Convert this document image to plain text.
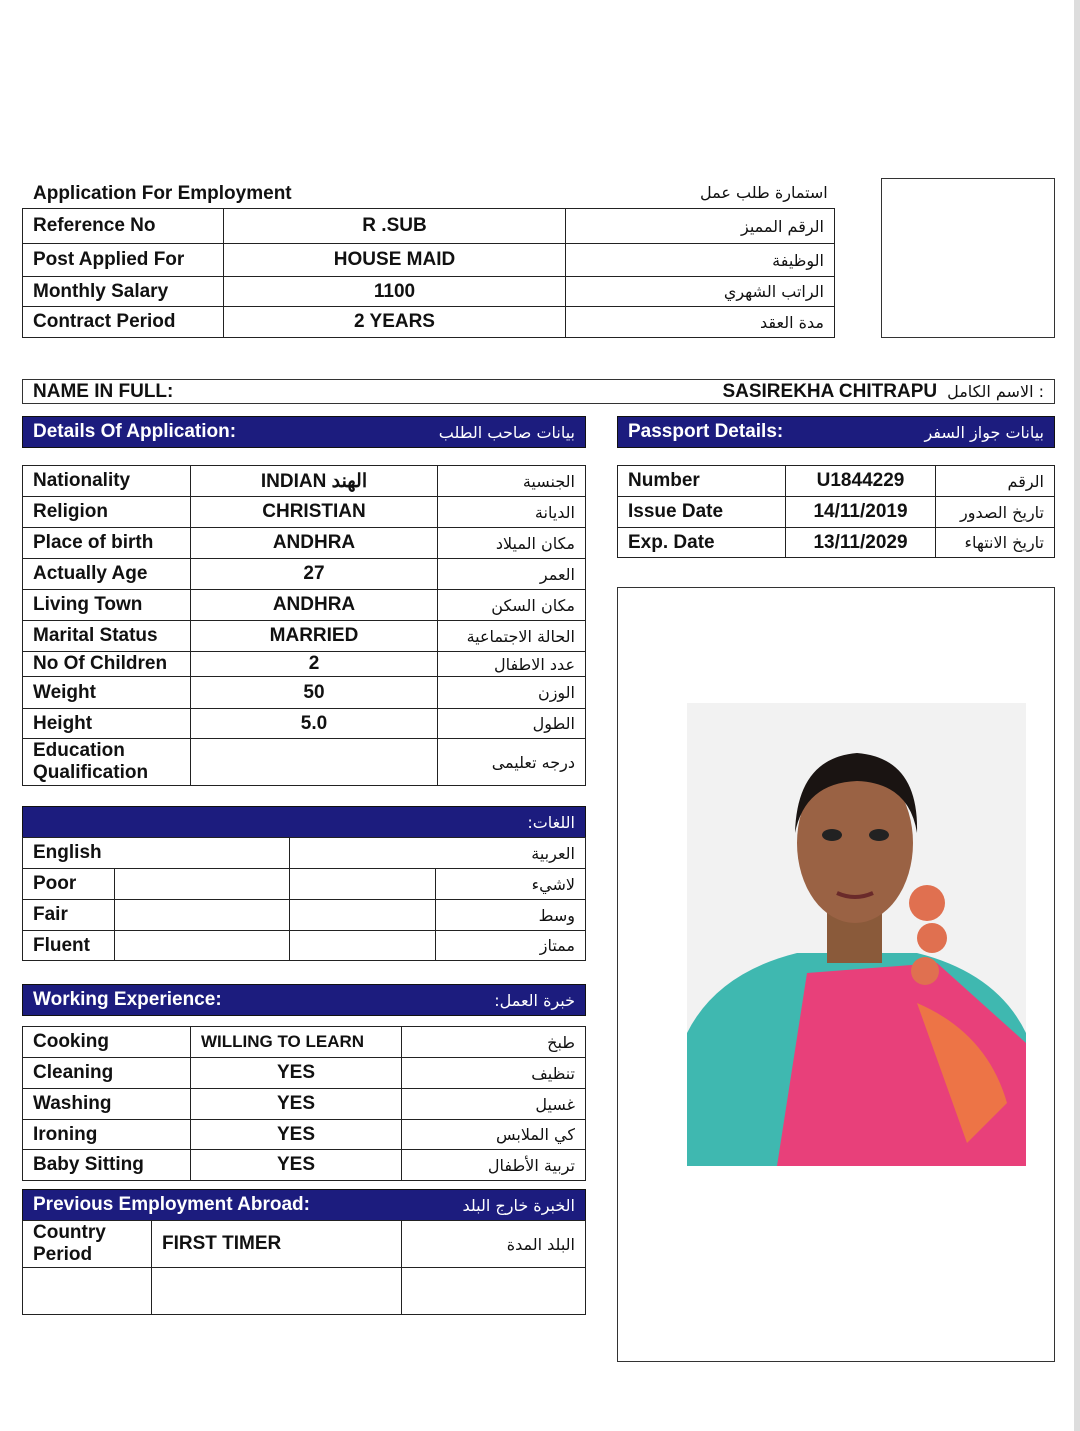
Application For Employment	استمارة طلب عمل
Reference No	R .SUB	الرقم المميز
Post Applied For	HOUSE MAID	الوظيفة
Monthly Salary	1100	الراتب الشهري
Contract Period	2 YEARS	مدة العقد
NAME IN FULL:	SASIREKHA CHITRAPU : الاسم الكامل
Details Of Application:	بيانات صاحب الطلب	Passport Details:	بيانات جواز السفر
Nationality	INDIAN الهند	الجنسية
Religion	CHRISTIAN	الديانة
Place of birth	ANDHRA	مكان الميلاد
Actually Age	27	العمر
Living Town	ANDHRA	مكان السكن
Marital Status	MARRIED	الحالة الاجتماعية
No Of Children	2	عدد الاطفال
Weight	50	الوزن
Height	5.0	الطول
Education Qualification		درجه تعليمى
Number	U1844229	الرقم
Issue Date	14/11/2019	تاريخ الصدور
Exp. Date	13/11/2029	تاريخ الانتهاء
اللغات:
English		العربية	
Poor			لاشيء
Fair			وسط
Fluent			ممتاز
Working Experience:	خبرة العمل:
Cooking	WILLING TO LEARN	طبخ
Cleaning	YES	تنظيف
Washing	YES	غسيل
Ironing	YES	كي الملابس
Baby Sitting	YES	تربية الأطفال
Previous Employment Abroad:	الخبرة خارج البلد
Country Period	FIRST TIMER	البلد المدة
